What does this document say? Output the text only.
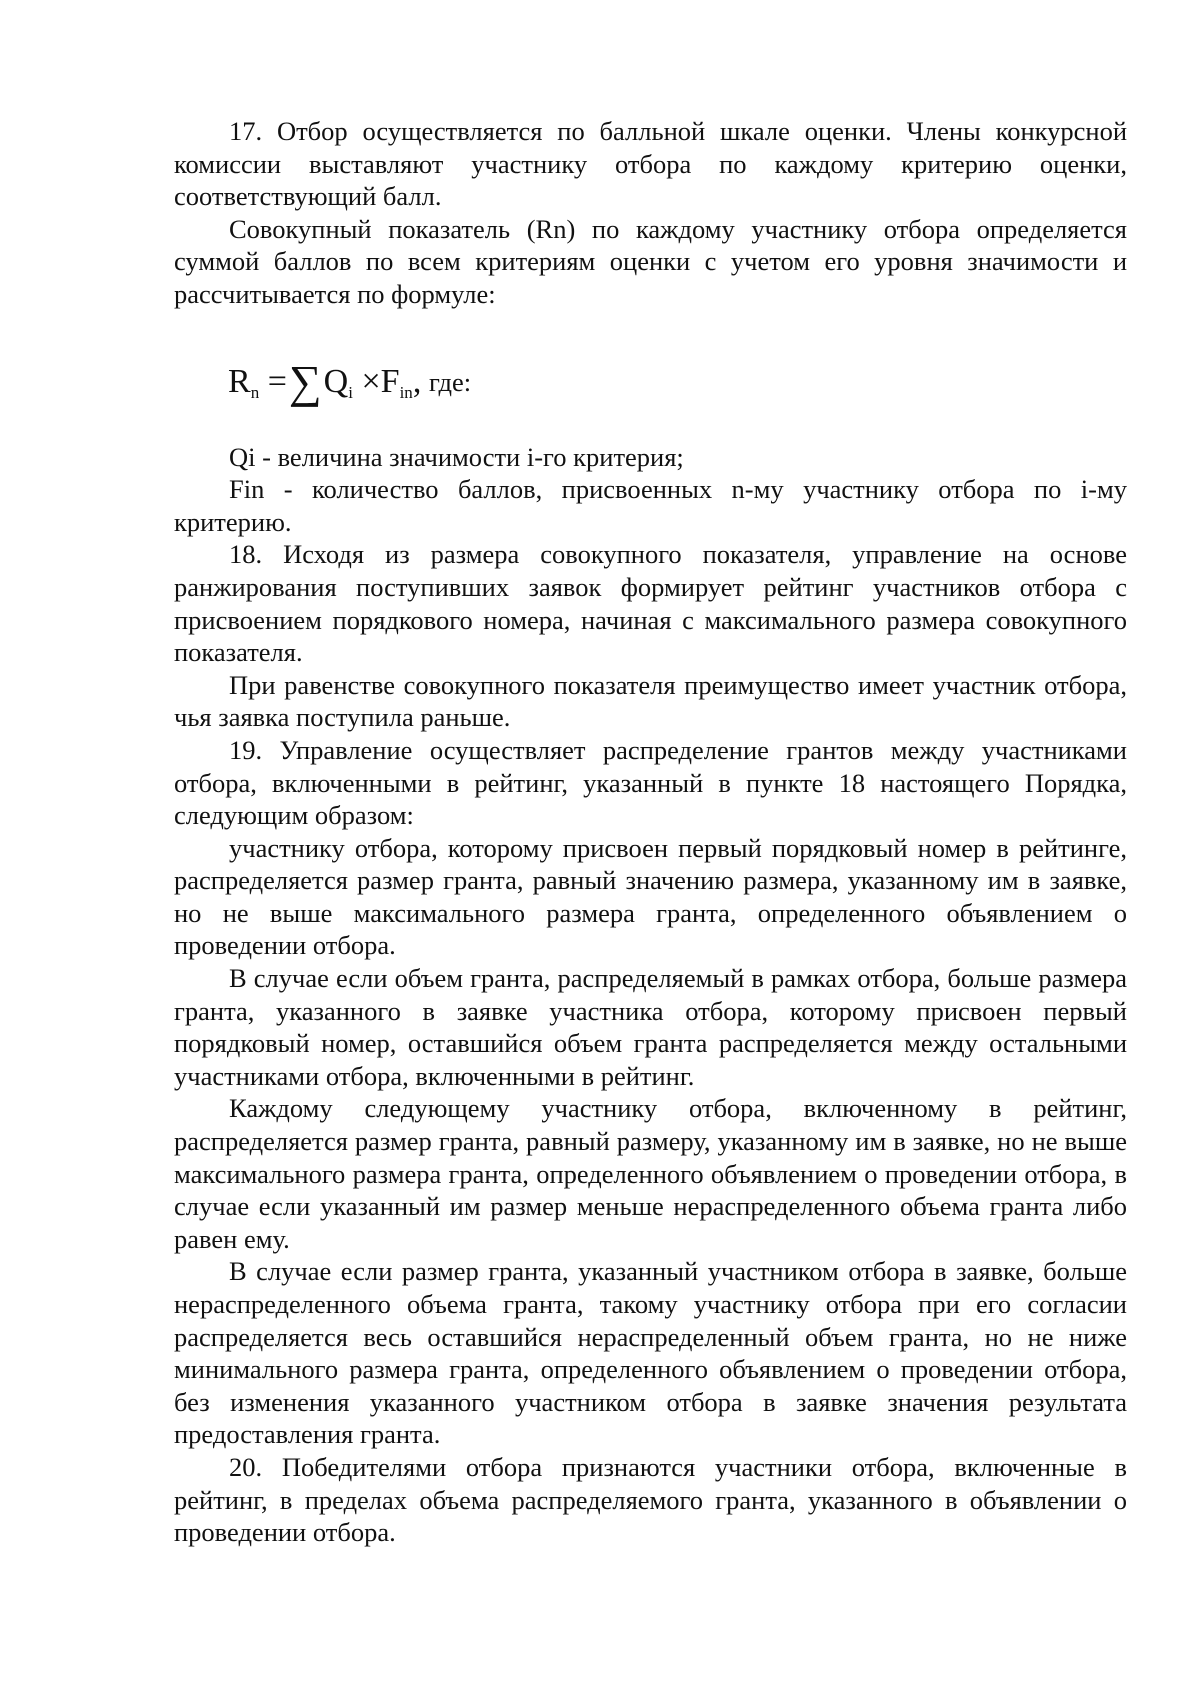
17. Отбор осуществляется по балльной шкале оценки. Члены конкурсной комиссии выставляют участнику отбора по каждому критерию оценки, соответствующий балл.

Совокупный показатель (Rn) по каждому участнику отбора определяется суммой баллов по всем критериям оценки с учетом его уровня значимости и рассчитывается по формуле:

$R_n =\sum Q_i \times F_{in}$, где:

Qi - величина значимости i-го критерия;

Fin - количество баллов, присвоенных n-му участнику отбора по i-му критерию.

18. Исходя из размера совокупного показателя, управление на основе ранжирования поступивших заявок формирует рейтинг участников отбора с присвоением порядкового номера, начиная с максимального размера совокупного показателя.

При равенстве совокупного показателя преимущество имеет участник отбора, чья заявка поступила раньше.

19. Управление осуществляет распределение грантов между участниками отбора, включенными в рейтинг, указанный в пункте 18 настоящего Порядка, следующим образом:

участнику отбора, которому присвоен первый порядковый номер в рейтинге, распределяется размер гранта, равный значению размера, указанному им в заявке, но не выше максимального размера гранта, определенного объявлением о проведении отбора.

В случае если объем гранта, распределяемый в рамках отбора, больше размера гранта, указанного в заявке участника отбора, которому присвоен первый порядковый номер, оставшийся объем гранта распределяется между остальными участниками отбора, включенными в рейтинг.

Каждому следующему участнику отбора, включенному в рейтинг, распределяется размер гранта, равный размеру, указанному им в заявке, но не выше максимального размера гранта, определенного объявлением о проведении отбора, в случае если указанный им размер меньше нераспределенного объема гранта либо равен ему.

В случае если размер гранта, указанный участником отбора в заявке, больше нераспределенного объема гранта, такому участнику отбора при его согласии распределяется весь оставшийся нераспределенный объем гранта, но не ниже минимального размера гранта, определенного объявлением о проведении отбора, без изменения указанного участником отбора в заявке значения результата предоставления гранта.

20. Победителями отбора признаются участники отбора, включенные в рейтинг, в пределах объема распределяемого гранта, указанного в объявлении о проведении отбора.
